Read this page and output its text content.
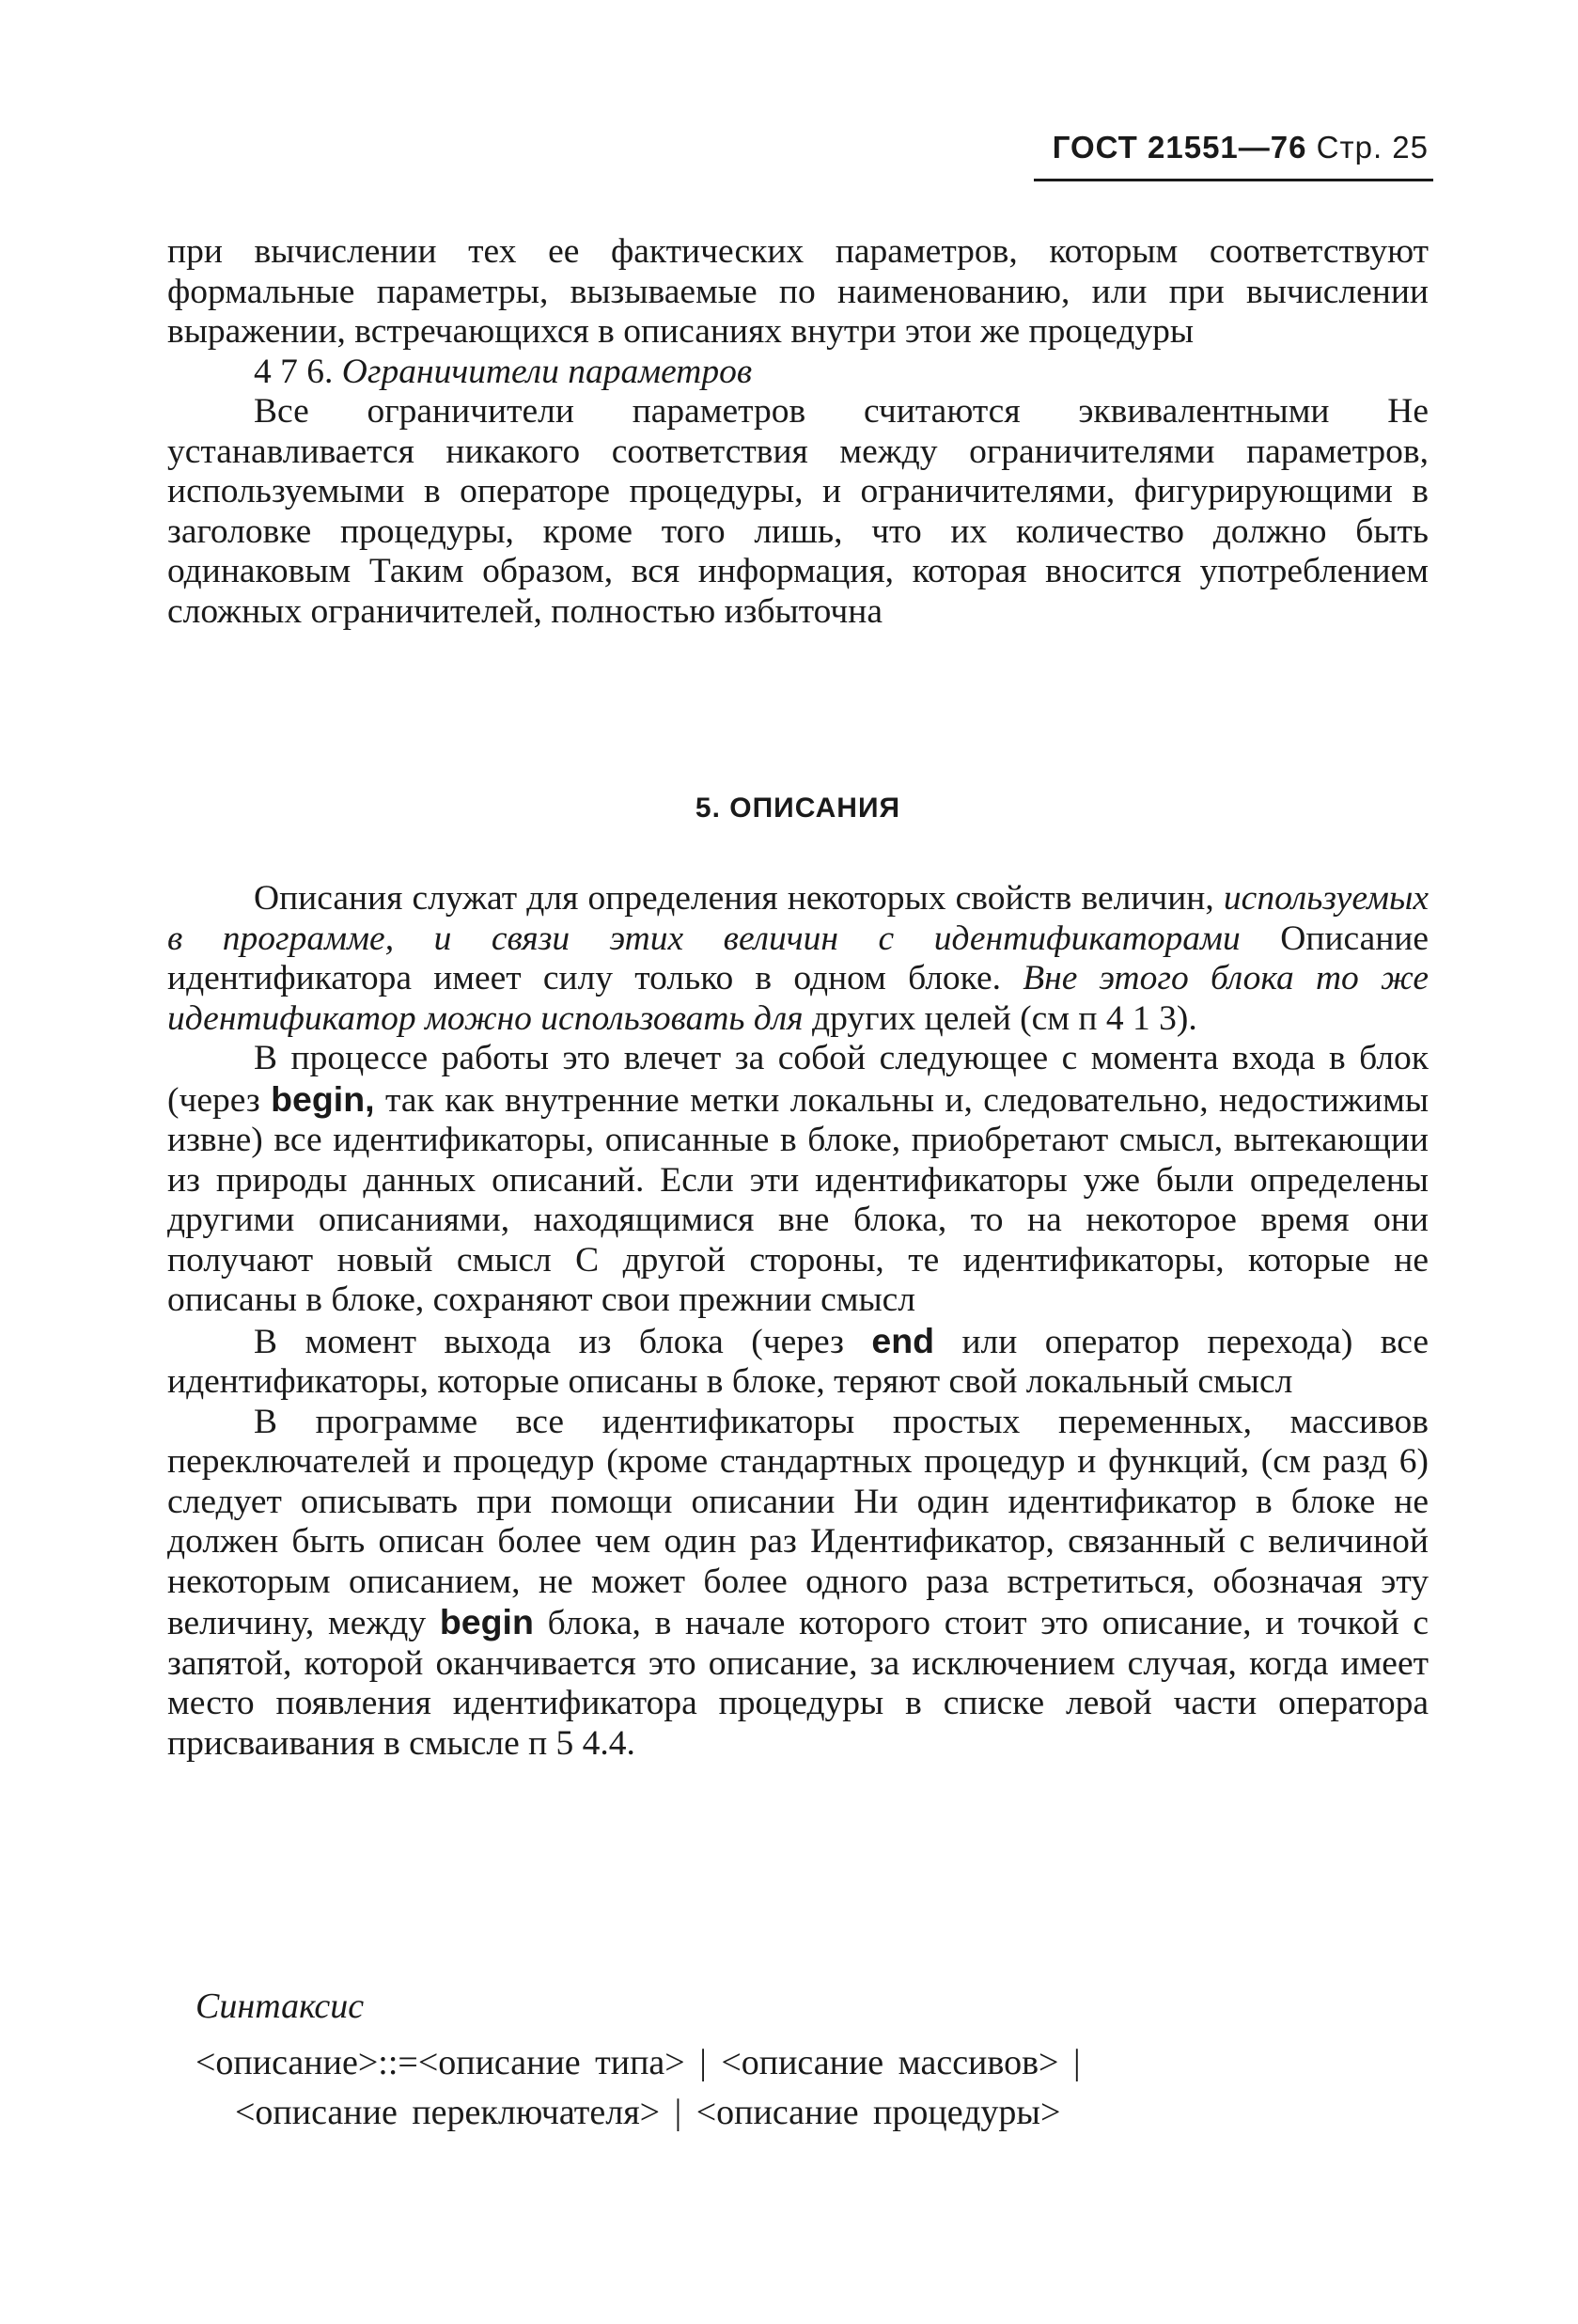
ГОСТ 21551—76 Стр. 25

при вычислении тех ее фактических параметров, которым соответствуют формальные параметры, вызываемые по наименованию, или при вычислении выражении, встречающихся в описаниях внутри этои же процедуры

4 7 6. Ограничители параметров

Все ограничители параметров считаются эквивалентными Не устанавливается никакого соответствия между ограничителями параметров, используемыми в операторе процедуры, и ограничителями, фигурирующими в заголовке процедуры, кроме того лишь, что их количество должно быть одинаковым Таким образом, вся информация, которая вносится употреблением сложных ограничителей, полностью избыточна

5. ОПИСАНИЯ

Описания служат для определения некоторых свойств величин, используемых в программе, и связи этих величин с идентификаторами Описание идентификатора имеет силу только в одном блоке. Вне этого блока то же идентификатор можно использовать для других целей (см п 4 1 3).

В процессе работы это влечет за собой следующее с момента входа в блок (через begin, так как внутренние метки локальны и, следовательно, недостижимы извне) все идентификаторы, описанные в блоке, приобретают смысл, вытекающии из природы данных описаний. Если эти идентификаторы уже были определены другими описаниями, находящимися вне блока, то на некоторое время они получают новый смысл С другой стороны, те идентификаторы, которые не описаны в блоке, сохраняют свои прежнии смысл

В момент выхода из блока (через end или оператор перехода) все идентификаторы, которые описаны в блоке, теряют свой локальный смысл

В программе все идентификаторы простых переменных, массивов переключателей и процедур (кроме стандартных процедур и функций, (см разд 6) следует описывать при помощи описании Ни один идентификатор в блоке не должен быть описан более чем один раз Идентификатор, связанный с величиной некоторым описанием, не может более одного раза встретиться, обозначая эту величину, между begin блока, в начале которого стоит это описание, и точкой с запятой, которой оканчивается это описание, за исключением случая, когда имеет место появления идентификатора процедуры в списке левой части оператора присваивания в смысле п 5 4.4.

Синтаксис
<описание>::=<описание типа> | <описание массивов> |
<описание переключателя> | <описание процедуры>
